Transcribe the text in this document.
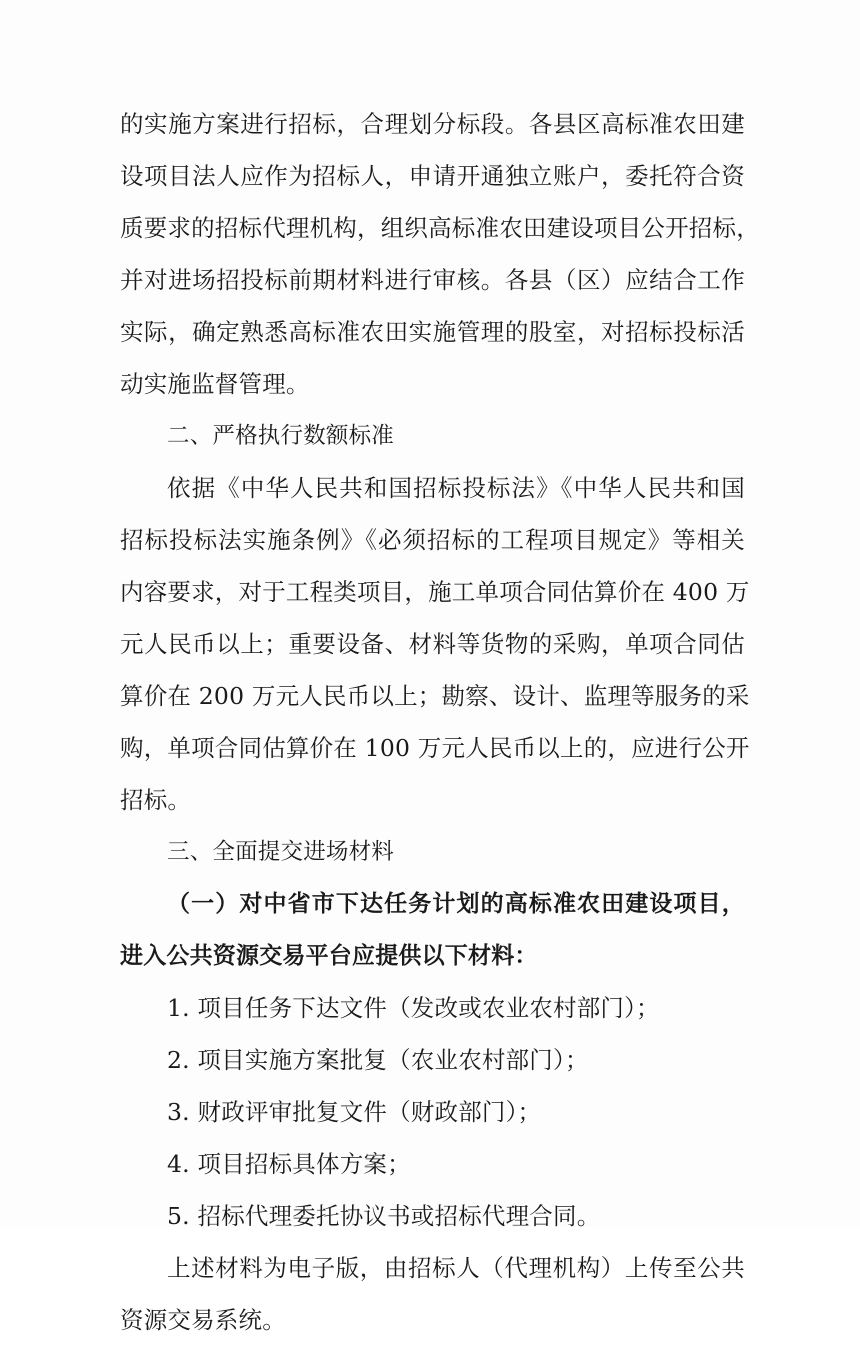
的实施方案进行招标，合理划分标段。各县区高标准农田建
设项目法人应作为招标人，申请开通独立账户，委托符合资
质要求的招标代理机构，组织高标准农田建设项目公开招标，
并对进场招投标前期材料进行审核。各县（区）应结合工作
实际，确定熟悉高标准农田实施管理的股室，对招标投标活
动实施监督管理。
二、严格执行数额标准
依据《中华人民共和国招标投标法》《中华人民共和国
招标投标法实施条例》《必须招标的工程项目规定》等相关
内容要求，对于工程类项目，施工单项合同估算价在 400 万
元人民币以上；重要设备、材料等货物的采购，单项合同估
算价在 200 万元人民币以上；勘察、设计、监理等服务的采
购，单项合同估算价在 100 万元人民币以上的，应进行公开
招标。
三、全面提交进场材料
（一）对中省市下达任务计划的高标准农田建设项目，
进入公共资源交易平台应提供以下材料：
1. 项目任务下达文件（发改或农业农村部门）；
2. 项目实施方案批复（农业农村部门）；
3. 财政评审批复文件（财政部门）；
4. 项目招标具体方案；
5. 招标代理委托协议书或招标代理合同。
上述材料为电子版，由招标人（代理机构）上传至公共
资源交易系统。
